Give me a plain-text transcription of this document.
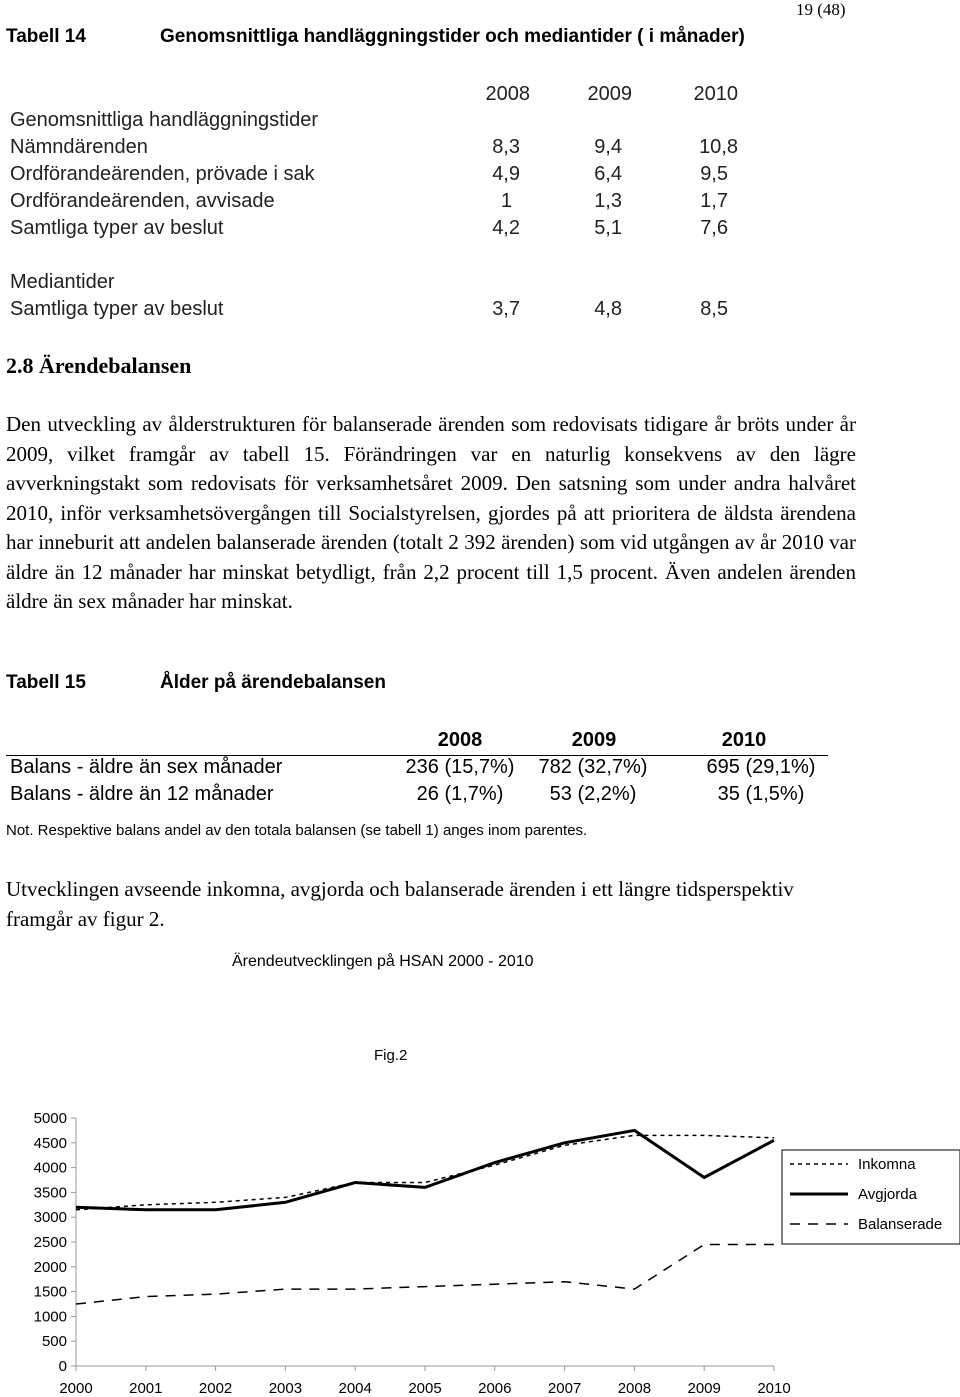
19 (48)
Tabell 14	Genomsnittliga handläggningstider och mediantider ( i månader)
2008	2009	2010
Genomsnittliga handläggningstider
Nämndärenden	8,3	9,4	10,8
Ordförandeärenden, prövade i sak	4,9	6,4	9,5
Ordförandeärenden, avvisade	1	1,3	1,7
Samtliga typer av beslut	4,2	5,1	7,6
Mediantider
Samtliga typer av beslut	3,7	4,8	8,5
2.8 Ärendebalansen

Den utveckling av ålderstrukturen för balanserade ärenden som redovisats tidigare år bröts under år 2009, vilket framgår av tabell 15. Förändringen var en naturlig konsekvens av den lägre avverkningstakt som redovisats för verksamhetsåret 2009. Den satsning som under andra halvåret 2010, inför verksamhetsövergången till Socialstyrelsen, gjordes på att prioritera de äldsta ärendena har inneburit att andelen balanserade ärenden (totalt 2 392 ärenden) som vid utgången av år 2010 var äldre än 12 månader har minskat betydligt, från 2,2 procent till 1,5 procent. Även andelen ärenden äldre än sex månader har minskat.

Tabell 15	Ålder på ärendebalansen
2008	2009	2010
Balans - äldre än sex månader	236 (15,7%)	782 (32,7%)	695 (29,1%)
Balans - äldre än 12 månader	26 (1,7%)	53 (2,2%)	35 (1,5%)
Not. Respektive balans andel av den totala balansen (se tabell 1) anges inom parentes.

Utvecklingen avseende inkomna, avgjorda och balanserade ärenden i ett längre tidsperspektiv framgår av figur 2.

Ärendeutvecklingen på HSAN 2000 - 2010
Fig.2
0
500
1000
1500
2000
2500
3000
3500
4000
4500
5000
2000 2001 2002 2003 2004 2005 2006 2007 2008 2009 2010
Inkomna
Avgjorda
Balanserade
